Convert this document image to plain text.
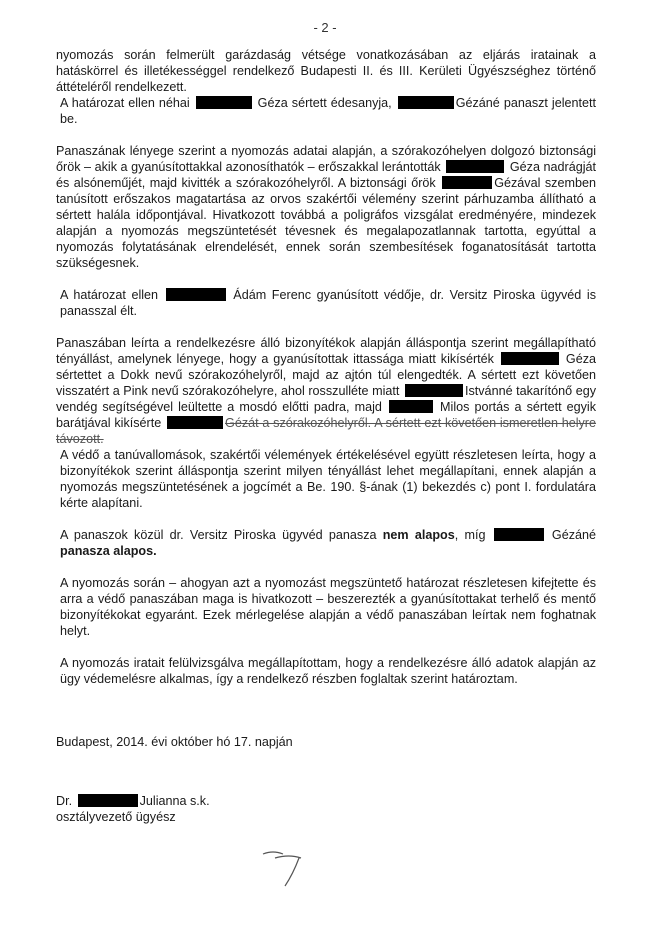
- 2 -

nyomozás során felmerült garázdaság vétsége vonatkozásában az eljárás iratainak a hatáskörrel és illetékességgel rendelkező Budapesti II. és III. Kerületi Ügyészséghez történő áttételéről rendelkezett.

A határozat ellen néhai	Géza sértett édesanyja,	Gézáné panaszt jelentett be.

Panaszának lényege szerint a nyomozás adatai alapján, a szórakozóhelyen dolgozó biztonsági őrök – akik a gyanúsítottakkal azonosíthatók – erőszakkal lerántották	Géza nadrágját és alsóneműjét, majd kivitték a szórakozóhelyről. A biztonsági őrök	Gézával szemben tanúsított erőszakos magatartása az orvos szakértői vélemény szerint párhuzamba állítható a sértett halála időpontjával. Hivatkozott továbbá a poligráfos vizsgálat eredményére, mindezek alapján a nyomozás megszüntetését tévesnek és megalapozatlannak tartotta, egyúttal a nyomozás folytatásának elrendelését, ennek során szembesítések foganatosítását tartotta szükségesnek.

A határozat ellen	Ádám Ferenc gyanúsított védője, dr. Versitz Piroska ügyvéd is panasszal élt.

Panaszában leírta a rendelkezésre álló bizonyítékok alapján álláspontja szerint megállapítható tényállást, amelynek lényege, hogy a gyanúsítottak ittassága miatt kikísérték	Géza sértettet a Dokk nevű szórakozóhelyről, majd az ajtón túl elengedték. A sértett ezt követően visszatért a Pink nevű szórakozóhelyre, ahol rosszulléte miatt	Istvánné takarítónő egy vendég segítségével leültette a mosdó előtti padra, majd	Milos portás a sértett egyik barátjával kikísérte	Gézát a szórakozóhelyről. A sértett ezt követően ismeretlen helyre távozott.

A védő a tanúvallomások, szakértői vélemények értékelésével együtt részletesen leírta, hogy a bizonyítékok szerint álláspontja szerint milyen tényállást lehet megállapítani, ennek alapján a nyomozás megszüntetésének a jogcímét a Be. 190. §-ának (1) bekezdés c) pont I. fordulatára kérte alapítani.

A panaszok közül dr. Versitz Piroska ügyvéd panasza nem alapos, míg	Gézáné panasza alapos.

A nyomozás során – ahogyan azt a nyomozást megszüntető határozat részletesen kifejtette és arra a védő panaszában maga is hivatkozott – beszerezték a gyanúsítottakat terhelő és mentő bizonyítékokat egyaránt. Ezek mérlegelése alapján a védő panaszában leírtak nem foghatnak helyt.

A nyomozás iratait felülvizsgálva megállapítottam, hogy a rendelkezésre álló adatok alapján az ügy védemelésre alkalmas, így a rendelkező részben foglaltak szerint határoztam.

Budapest, 2014. évi október hó 17. napján
Dr.	Julianna s.k.
osztályvezető ügyész
